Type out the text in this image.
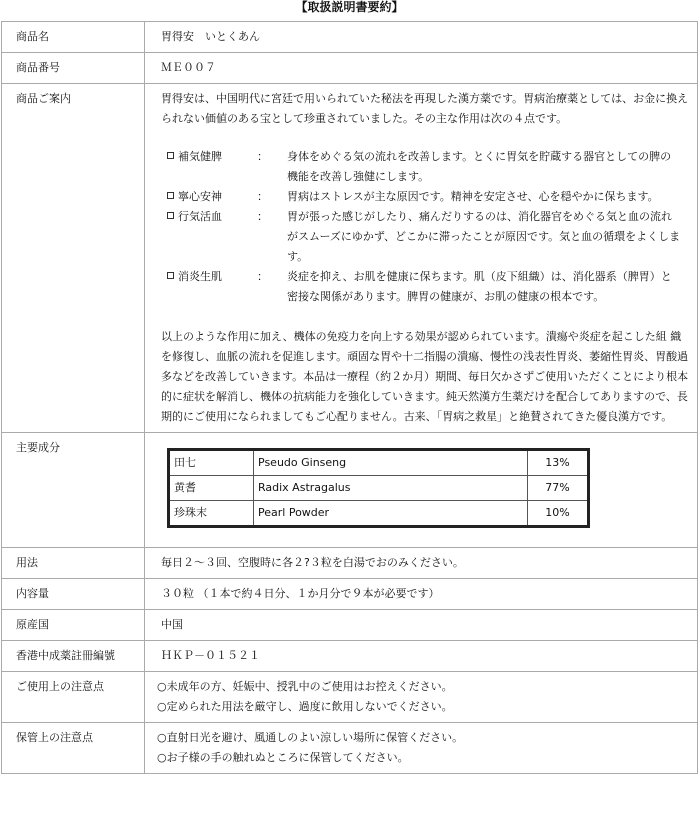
【取扱説明書要約】
商品名	胃得安　いとくあん
商品番号	ＭＥ００７
商品ご案内	胃得安は、中国明代に宮廷で用いられていた秘法を再現した漢方薬です。胃病治療薬としては、お金に換えられない価値のある宝として珍重されていました。その主な作用は次の４点です。

補気健脾	：	身体をめぐる気の流れを改善します。とくに胃気を貯蔵する器官としての脾の機能を改善し強健にします。
寧心安神	：	胃病はストレスが主な原因です。精神を安定させ、心を穏やかに保ちます。
行気活血	：	胃が張った感じがしたり、痛んだりするのは、消化器官をめぐる気と血の流れがスムーズにゆかず、どこかに滞ったことが原因です。気と血の循環をよくします。
消炎生肌	：	炎症を抑え、お肌を健康に保ちます。肌（皮下組織）は、消化器系（脾胃）と密接な関係があります。脾胃の健康が、お肌の健康の根本です。

以上のような作用に加え、機体の免疫力を向上する効果が認められています。潰瘍や炎症を起こした組 織を修復し、血脈の流れを促進します。頑固な胃や十二指腸の潰瘍、慢性の浅表性胃炎、萎縮性胃炎、胃酸過多などを改善していきます。本品は一療程（約２か月）期間、毎日欠かさずご使用いただくことにより根本的に症状を解消し、機体の抗病能力を強化していきます。純天然漢方生薬だけを配合してありますので、長期的にご使用になられましてもご心配りません。古来、「胃病之救星」と絶賛されてきた優良漢方です。

主要成分	
田七	Pseudo Ginseng	13%
黄耆	Radix Astragalus	77%
珍珠末	Pearl Powder	10%

用法	毎日２～３回、空腹時に各２?３粒を白湯でおのみください。
内容量	３０粒 （１本で約４日分、１か月分で９本が必要です）
原産国	中国
香港中成薬註冊編號	ＨＫＰ－０１５２１
ご使用上の注意点	○未成年の方、妊娠中、授乳中のご使用はお控えください。
○定められた用法を厳守し、過度に飲用しないでください。

保管上の注意点	○直射日光を避け、風通しのよい涼しい場所に保管ください。
○お子様の手の触れぬところに保管してください。
